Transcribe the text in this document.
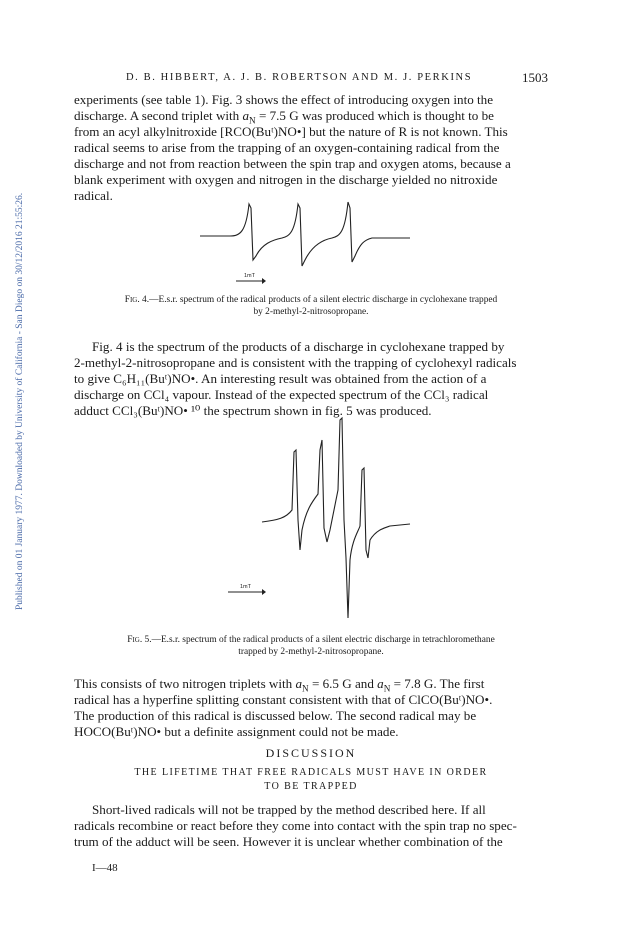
Published on 01 January 1977. Downloaded by University of California - San Diego on 30/12/2016 21:55:26.
D. B. HIBBERT, A. J. B. ROBERTSON AND M. J. PERKINS	1503

experiments (see table 1). Fig. 3 shows the effect of introducing oxygen into the

discharge. A second triplet with $a_N = 7.5$ G was produced which is thought to be

from an acyl alkylnitroxide [RCO(Buᵗ)NO•] but the nature of R is not known. This

radical seems to arise from the trapping of an oxygen-containing radical from the

discharge and not from reaction between the spin trap and oxygen atoms, because a

blank experiment with oxygen and nitrogen in the discharge yielded no nitroxide

radical.

1mT
Fig. 4.—E.s.r. spectrum of the radical products of a silent electric discharge in cyclohexane trapped
by 2-methyl-2-nitrosopropane.

Fig. 4 is the spectrum of the products of a discharge in cyclohexane trapped by

2-methyl-2-nitrosopropane and is consistent with the trapping of cyclohexyl radicals

to give C₆H₁₁(Buᵗ)NO•. An interesting result was obtained from the action of a

discharge on CCl₄ vapour. Instead of the expected spectrum of the CCl₃ radical

adduct CCl₃(Buᵗ)NO• ¹⁰ the spectrum shown in fig. 5 was produced.

1mT
Fig. 5.—E.s.r. spectrum of the radical products of a silent electric discharge in tetrachloromethane
trapped by 2-methyl-2-nitrosopropane.

This consists of two nitrogen triplets with $a_N = 6.5$ G and $a_N = 7.8$ G. The first

radical has a hyperfine splitting constant consistent with that of ClCO(Buᵗ)NO•.

The production of this radical is discussed below. The second radical may be

HOCO(Buᵗ)NO• but a definite assignment could not be made.

DISCUSSION
THE LIFETIME THAT FREE RADICALS MUST HAVE IN ORDER
TO BE TRAPPED

Short-lived radicals will not be trapped by the method described here. If all

radicals recombine or react before they come into contact with the spin trap no spec-

trum of the adduct will be seen. However it is unclear whether combination of the

I—48
